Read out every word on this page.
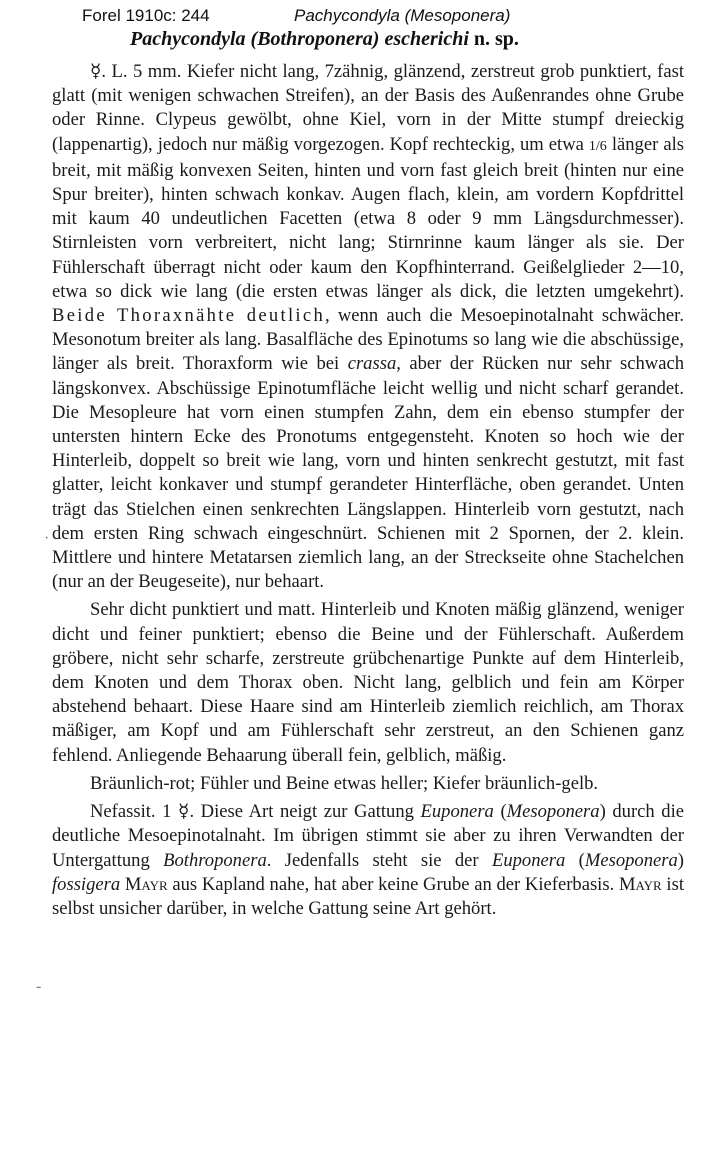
Forel 1910c: 244	Pachycondyla (Mesoponera)
Pachycondyla (Bothroponera) escherichi n. sp.

☿. L. 5 mm. Kiefer nicht lang, 7zähnig, glänzend, zerstreut grob punktiert, fast glatt (mit wenigen schwachen Streifen), an der Basis des Außenrandes ohne Grube oder Rinne. Clypeus gewölbt, ohne Kiel, vorn in der Mitte stumpf dreieckig (lappenartig), jedoch nur mäßig vorgezogen. Kopf rechteckig, um etwa 1/6 länger als breit, mit mäßig konvexen Seiten, hinten und vorn fast gleich breit (hinten nur eine Spur breiter), hinten schwach konkav. Augen flach, klein, am vordern Kopfdrittel mit kaum 40 undeutlichen Facetten (etwa 8 oder 9 mm Längsdurchmesser). Stirnleisten vorn verbreitert, nicht lang; Stirnrinne kaum länger als sie. Der Fühlerschaft überragt nicht oder kaum den Kopfhinterrand. Geißelglieder 2—10, etwa so dick wie lang (die ersten etwas länger als dick, die letzten umgekehrt). Beide Thoraxnähte deutlich, wenn auch die Mesoepinotalnaht schwächer. Mesonotum breiter als lang. Basalfläche des Epinotums so lang wie die abschüssige, länger als breit. Thoraxform wie bei crassa, aber der Rücken nur sehr schwach längskonvex. Abschüssige Epinotumfläche leicht wellig und nicht scharf gerandet. Die Mesopleure hat vorn einen stumpfen Zahn, dem ein ebenso stumpfer der untersten hintern Ecke des Pronotums entgegensteht. Knoten so hoch wie der Hinterleib, doppelt so breit wie lang, vorn und hinten senkrecht gestutzt, mit fast glatter, leicht konkaver und stumpf gerandeter Hinterfläche, oben gerandet. Unten trägt das Stielchen einen senkrechten Längslappen. Hinterleib vorn gestutzt, nach dem ersten Ring schwach eingeschnürt. Schienen mit 2 Spornen, der 2. klein. Mittlere und hintere Metatarsen ziemlich lang, an der Streckseite ohne Stachelchen (nur an der Beugeseite), nur behaart.

Sehr dicht punktiert und matt. Hinterleib und Knoten mäßig glänzend, weniger dicht und feiner punktiert; ebenso die Beine und der Fühlerschaft. Außerdem gröbere, nicht sehr scharfe, zerstreute grübchenartige Punkte auf dem Hinterleib, dem Knoten und dem Thorax oben. Nicht lang, gelblich und fein am Körper abstehend behaart. Diese Haare sind am Hinterleib ziemlich reichlich, am Thorax mäßiger, am Kopf und am Fühlerschaft sehr zerstreut, an den Schienen ganz fehlend. Anliegende Behaarung überall fein, gelblich, mäßig.

Bräunlich-rot; Fühler und Beine etwas heller; Kiefer bräunlich-gelb.

Nefassit. 1 ☿. Diese Art neigt zur Gattung Euponera (Mesoponera) durch die deutliche Mesoepinotalnaht. Im übrigen stimmt sie aber zu ihren Verwandten der Untergattung Bothroponera. Jedenfalls steht sie der Euponera (Mesoponera) fossigera Mayr aus Kapland nahe, hat aber keine Grube an der Kieferbasis. Mayr ist selbst unsicher darüber, in welche Gattung seine Art gehört.

·
-
